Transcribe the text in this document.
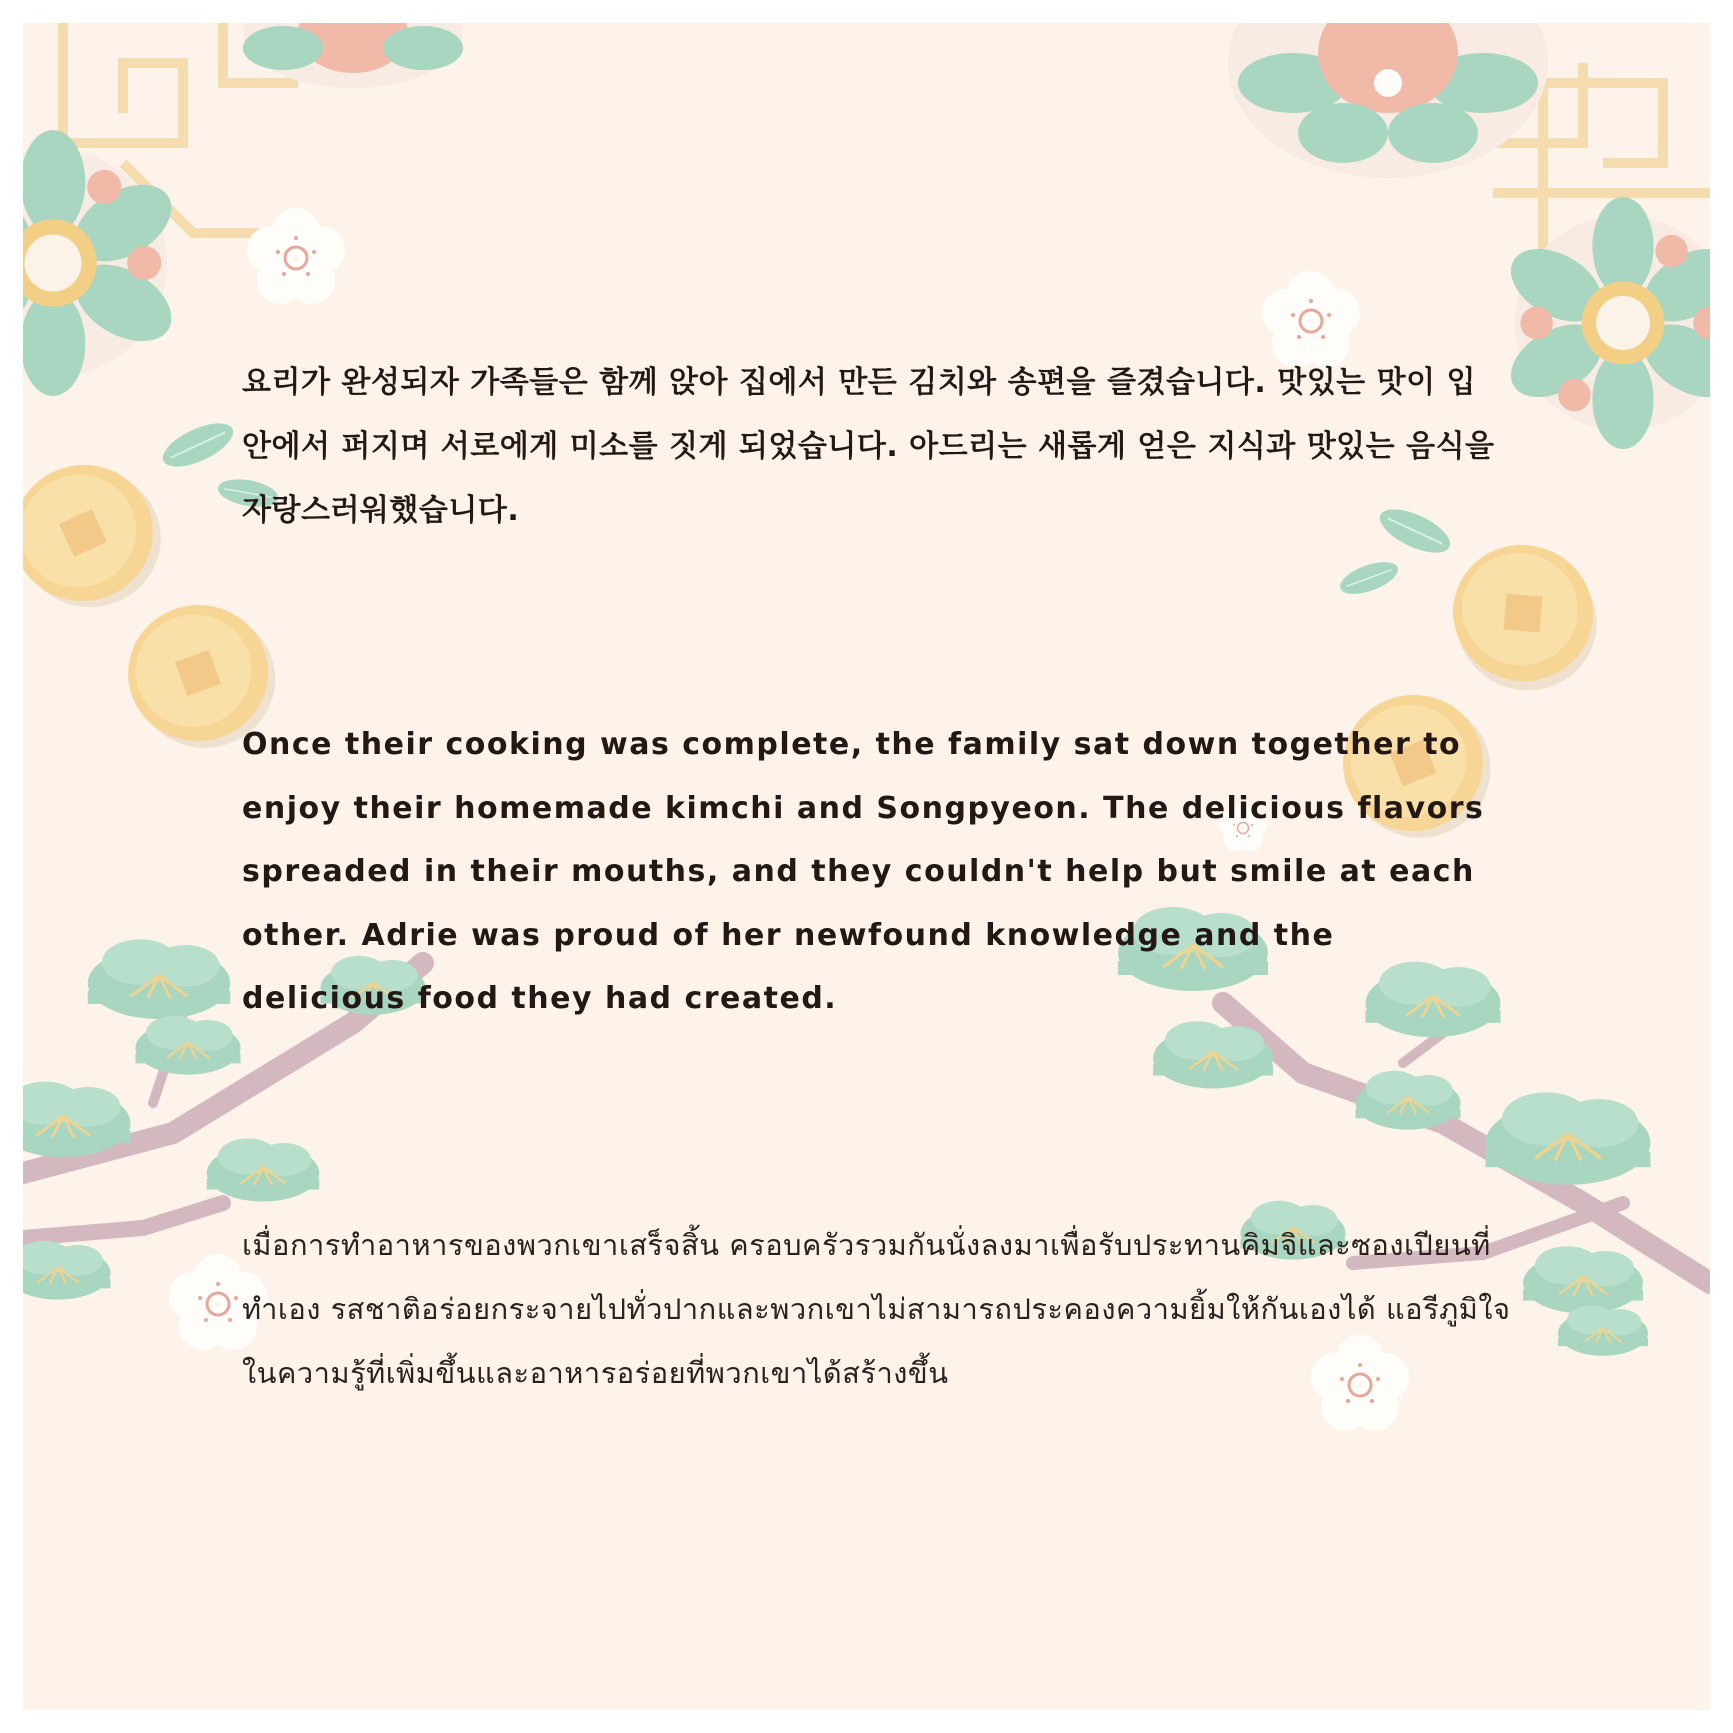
요리가 완성되자 가족들은 함께 앉아 집에서 만든 김치와 송편을 즐겼습니다. 맛있는 맛이 입 안에서 퍼지며 서로에게 미소를 짓게 되었습니다. 아드리는 새롭게 얻은 지식과 맛있는 음식을 자랑스러워했습니다.
Once their cooking was complete, the family sat down together to enjoy their homemade kimchi and Songpyeon. The delicious flavors spreaded in their mouths, and they couldn't help but smile at each other. Adrie was proud of her newfound knowledge and the delicious food they had created.
เมื่อการทำอาหารของพวกเขาเสร็จสิ้น ครอบครัวรวมกันนั่งลงมาเพื่อรับประทานคิมจิและซองเปียนที่ทำเอง รสชาติอร่อยกระจายไปทั่วปากและพวกเขาไม่สามารถประคองความยิ้มให้กันเองได้ แอรีภูมิใจในความรู้ที่เพิ่มขึ้นและอาหารอร่อยที่พวกเขาได้สร้างขึ้น
